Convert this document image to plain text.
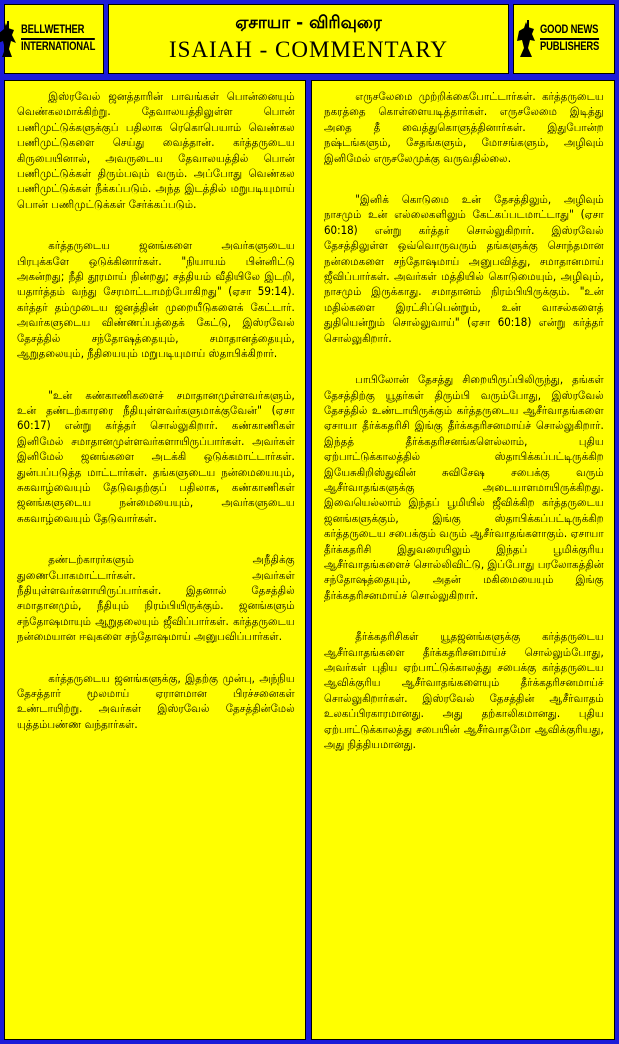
BELLWETHER
INTERNATIONAL
ஏசாயா - விரிவுரை
ISAIAH - COMMENTARY
GOOD NEWS
PUBLISHERS

இஸ்ரவேல் ஜனத்தாரின் பாவங்கள் பொன்னையும் வெண்கலமாக்கிற்று. தேவாலயத்திலுள்ள பொன் பணிமுட்டுக்களுக்குப் பதிலாக ரெகொபெயாம் வெண்கல பணிமுட்டுகளை செய்து வைத்தான். கர்த்தருடைய கிருபையினால், அவருடைய தேவாலயத்தில் பொன் பணிமுட்டுக்கள் திரும்பவும் வரும். அப்போது வெண்கல பணிமுட்டுக்கள் நீக்கப்படும். அந்த இடத்தில் மறுபடியுமாய் பொன் பணிமுட்டுக்கள் சேர்க்கப்படும்.

கர்த்தருடைய ஜனங்களை அவர்களுடைய பிரபுக்களே ஒடுக்கினார்கள். "நியாயம் பின்னிட்டு அகன்றது; நீதி தூரமாய் நின்றது; சத்தியம் வீதியிலே இடறி, யதார்த்தம் வந்து சேரமாட்டாமற்போகிறது" (ஏசா 59:14). கர்த்தர் தம்முடைய ஜனத்தின் முறையீடுகளைக் கேட்டார். அவர்களுடைய விண்ணப்பத்தைக் கேட்டு, இஸ்ரவேல் தேசத்தில் சந்தோஷத்தையும், சமாதானத்தையும், ஆறுதலையும், நீதியையும் மறுபடியுமாய் ஸ்தாபிக்கிறார்.

"உன் கண்காணிகளைச் சமாதானமுள்ளவர்களும், உன் தண்டற்காரரை நீதியுள்ளவர்களுமாக்குவேன்" (ஏசா 60:17) என்று கர்த்தர் சொல்லுகிறார். கண்காணிகள் இனிமேல் சமாதானமுள்ளவர்களாயிருப்பார்கள். அவர்கள் இனிமேல் ஜனங்களை அடக்கி ஒடுக்கமாட்டார்கள். துன்பப்படுத்த மாட்டார்கள். தங்களுடைய நன்மையையும், சுகவாழ்வையும் தேடுவதற்குப் பதிலாக, கண்காணிகள் ஜனங்களுடைய நன்மையையும், அவர்களுடைய சுகவாழ்வையும் தேடுவார்கள்.

தண்டற்காரர்களும் அநீதிக்கு துணைபோகமாட்டார்கள். அவர்கள் நீதியுள்ளவர்களாயிருப்பார்கள். இதனால் தேசத்தில் சமாதானமும், நீதியும் நிரம்பியிருக்கும். ஜனங்களும் சந்தோஷமாயும் ஆறுதலையும் ஜீவிப்பார்கள். கர்த்தருடைய நன்மையான ஈவுகளை சந்தோஷமாய் அனுபவிப்பார்கள்.

கர்த்தருடைய ஜனங்களுக்கு, இதற்கு முன்பு, அந்நிய தேசத்தார் மூலமாய் ஏராளமான பிரச்சனைகள் உண்டாயிற்று. அவர்கள் இஸ்ரவேல் தேசத்தின்மேல் யுத்தம்பண்ண வந்தார்கள்.

எருசலேமை முற்றிக்கைபோட்டார்கள். கர்த்தருடைய நகரத்தை கொள்ளையடித்தார்கள். எருசலேமை இடித்து அதை தீ வைத்துகொளுத்தினார்கள். இதுபோன்ற நஷ்டங்களும், சேதங்களும், மோசங்களும், அழிவும் இனிமேல் எருசலேமுக்கு வருவதில்லை.

"இனிக் கொடுமை உன் தேசத்திலும், அழிவும் நாசமும் உன் எல்லைகளிலும் கேட்கப்படமாட்டாது" (ஏசா 60:18) என்று கர்த்தர் சொல்லுகிறார். இஸ்ரவேல் தேசத்திலுள்ள ஒவ்வொருவரும் தங்களுக்கு சொந்தமான நன்மைகளை சந்தோஷமாய் அனுபவித்து, சமாதானமாய் ஜீவிப்பார்கள். அவர்கள் மத்தியில் கொடுமையும், அழிவும், நாசமும் இருக்காது. சமாதானம் நிரம்பியிருக்கும். "உன் மதில்களை இரட்சிப்பென்றும், உன் வாசல்களைத் துதியென்றும் சொல்லுவாய்" (ஏசா 60:18) என்று கர்த்தர் சொல்லுகிறார்.

பாபிலோன் தேசத்து சிறையிருப்பிலிருந்து, தங்கள் தேசத்திற்கு யூதர்கள் திரும்பி வரும்போது, இஸ்ரவேல் தேசத்தில் உண்டாயிருக்கும் கர்த்தருடைய ஆசீர்வாதங்களை ஏசாயா தீர்க்கதரிசி இங்கு தீர்க்கதரிசனமாய்ச் சொல்லுகிறார். இந்தத் தீர்க்கதரிசனங்களெல்லாம், புதிய ஏற்பாட்டுக்காலத்தில் ஸ்தாபிக்கப்பட்டிருக்கிற இயேசுகிறிஸ்துவின் சுவிசேஷ சபைக்கு வரும் ஆசீர்வாதங்களுக்கு அடையாளமாயிருக்கிறது. இவையெல்லாம் இந்தப் பூமியில் ஜீவிக்கிற கர்த்தருடைய ஜனங்களுக்கும், இங்கு ஸ்தாபிக்கப்பட்டிருக்கிற கர்த்தருடைய சபைக்கும் வரும் ஆசீர்வாதங்களாகும். ஏசாயா தீர்க்கதரிசி இதுவரையிலும் இந்தப் பூமிக்குரிய ஆசீர்வாதங்களைச் சொல்லிவிட்டு, இப்போது பரலோகத்தின் சந்தோஷத்தையும், அதன் மகிமையையும் இங்கு தீர்க்கதரிசனமாய்ச் சொல்லுகிறார்.

தீர்க்கதரிசிகள் யூதஜனங்களுக்கு கர்த்தருடைய ஆசீர்வாதங்களை தீர்க்கதரிசனமாய்ச் சொல்லும்போது, அவர்கள் புதிய ஏற்பாட்டுக்காலத்து சபைக்கு கர்த்தருடைய ஆவிக்குரிய ஆசீர்வாதங்களையும் தீர்க்கதரிசனமாய்ச் சொல்லுகிறார்கள். இஸ்ரவேல் தேசத்தின் ஆசீர்வாதம் உலகப்பிரகாரமானது. அது தற்காலிகமானது. புதிய ஏற்பாட்டுக்காலத்து சபையின் ஆசீர்வாதமோ ஆவிக்குரியது, அது நித்தியமானது.
